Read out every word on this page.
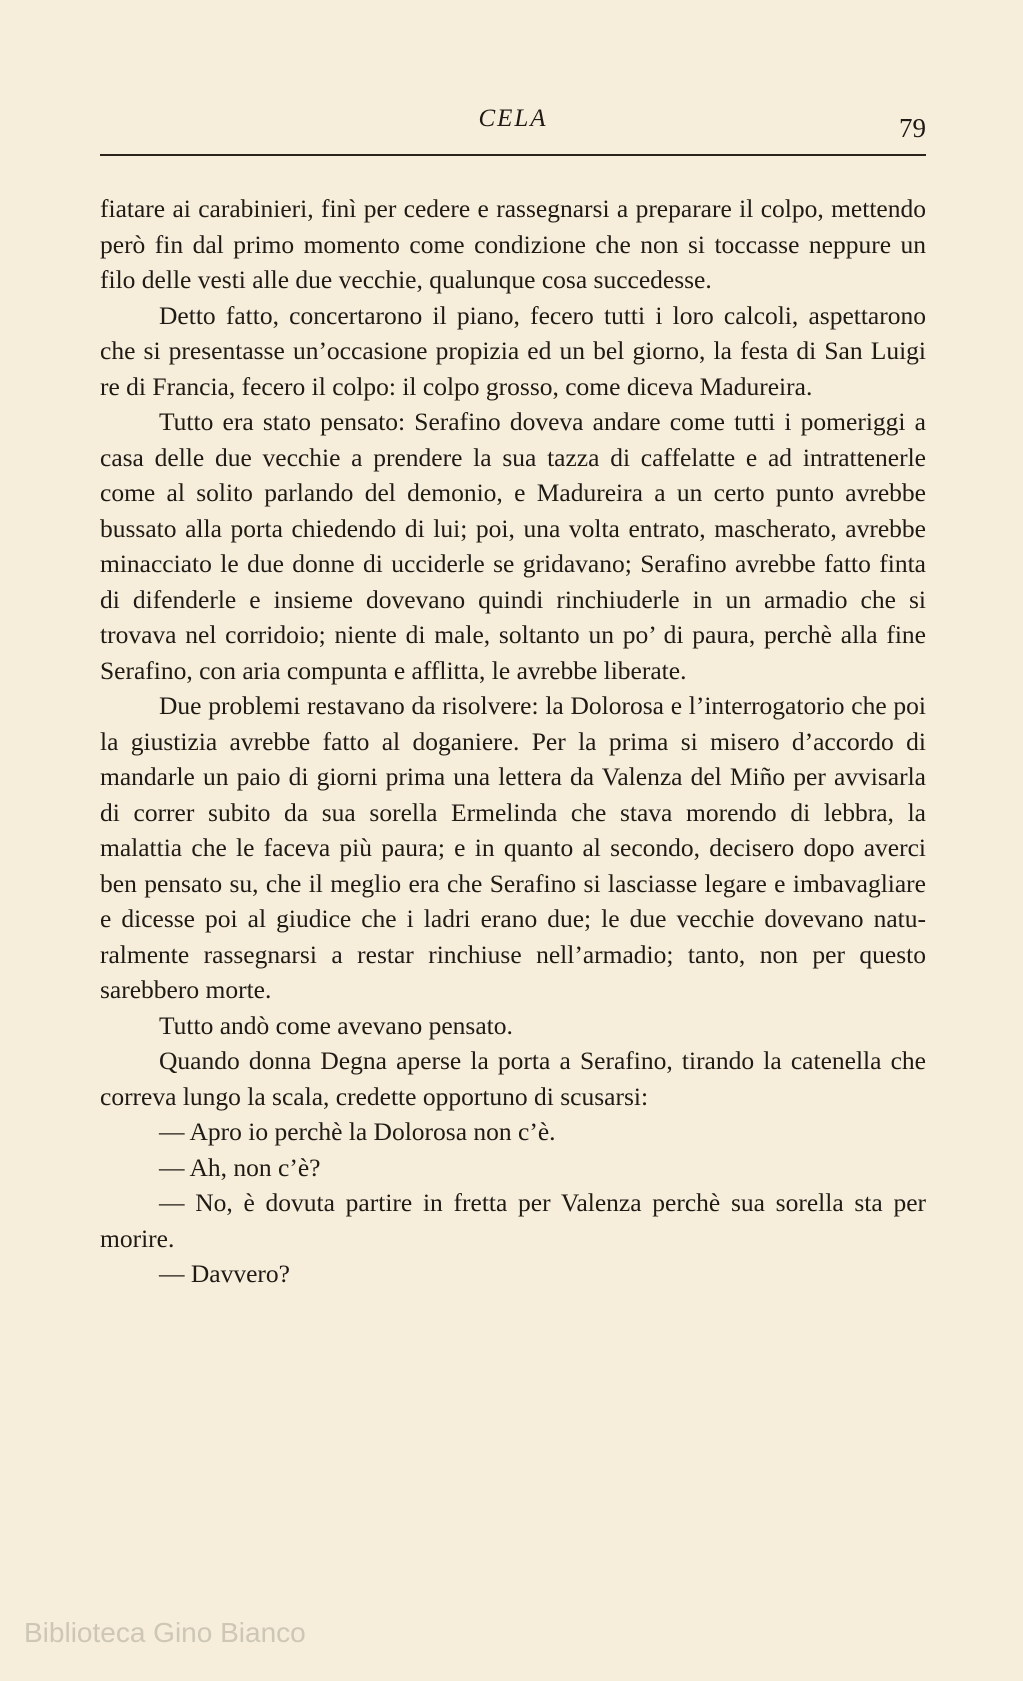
CELA	79

fiatare ai carabinieri, finì per cedere e rassegnarsi a preparare il colpo, mettendo però fin dal primo momento come condizione che non si toccasse neppure un filo delle vesti alle due vecchie, qualunque cosa succedesse.

Detto fatto, concertarono il piano, fecero tutti i loro calcoli, aspettarono che si presentasse un’occasione propizia ed un bel giorno, la festa di San Luigi re di Francia, fecero il colpo: il colpo grosso, come diceva Madureira.

Tutto era stato pensato: Serafino doveva andare come tutti i pomeriggi a casa delle due vecchie a prendere la sua tazza di caffelatte e ad intrattenerle come al solito parlando del demonio, e Madureira a un certo punto avrebbe bussato alla porta chiedendo di lui; poi, una volta entrato, mascherato, avrebbe minacciato le due donne di ucciderle se gridavano; Serafino avrebbe fatto finta di difenderle e insieme dovevano quindi rinchiuderle in un armadio che si trovava nel corridoio; niente di male, soltanto un po’ di paura, perchè alla fine Serafino, con aria compunta e afflitta, le avrebbe liberate.

Due problemi restavano da risolvere: la Dolorosa e l’interrogatorio che poi la giustizia avrebbe fatto al doganiere. Per la prima si misero d’accordo di mandarle un paio di giorni prima una lettera da Valenza del Miño per avvisarla di correr subito da sua sorella Ermelinda che stava morendo di lebbra, la malattia che le faceva più paura; e in quanto al secondo, decisero dopo averci ben pensato su, che il meglio era che Serafino si lasciasse legare e imbavagliare e dicesse poi al giudice che i ladri erano due; le due vecchie dovevano naturalmente rassegnarsi a restar rinchiuse nell’armadio; tanto, non per questo sarebbero morte.

Tutto andò come avevano pensato.

Quando donna Degna aperse la porta a Serafino, tirando la catenella che correva lungo la scala, credette opportuno di scusarsi:

— Apro io perchè la Dolorosa non c’è.

— Ah, non c’è?

— No, è dovuta partire in fretta per Valenza perchè sua sorella sta per morire.

— Davvero?

Biblioteca Gino Bianco
